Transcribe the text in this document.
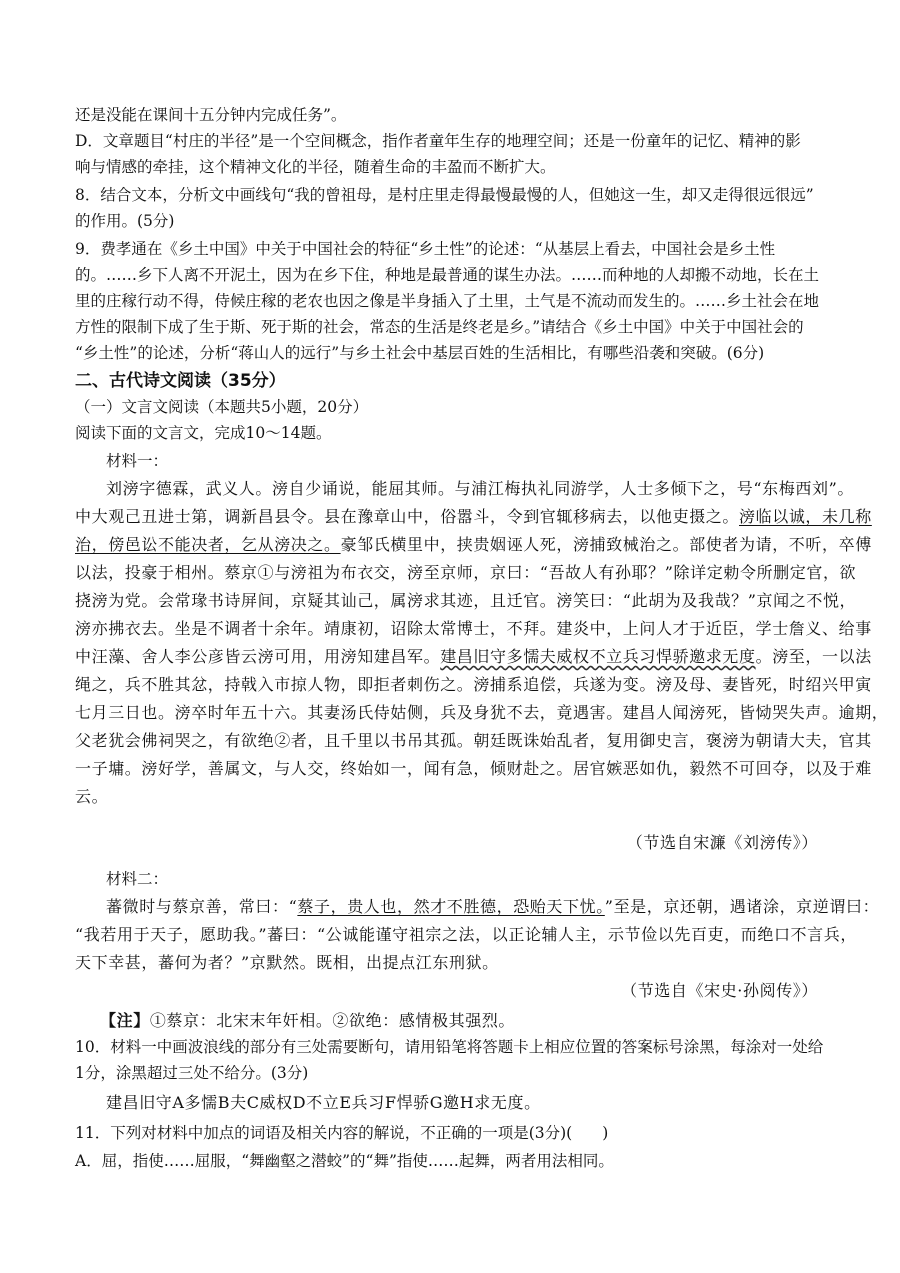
还是没能在课间十五分钟内完成任务”。
D．文章题目“村庄的半径”是一个空间概念，指作者童年生存的地理空间；还是一份童年的记忆、精神的影
响与情感的牵挂，这个精神文化的半径，随着生命的丰盈而不断扩大。
8．结合文本，分析文中画线句“我的曾祖母，是村庄里走得最慢最慢的人，但她这一生，却又走得很远很远”
的作用。(5分)
9．费孝通在《乡土中国》中关于中国社会的特征“乡土性”的论述：“从基层上看去，中国社会是乡土性
的。……乡下人离不开泥土，因为在乡下住，种地是最普通的谋生办法。……而种地的人却搬不动地，长在土
里的庄稼行动不得，侍候庄稼的老农也因之像是半身插入了土里，土气是不流动而发生的。……乡土社会在地
方性的限制下成了生于斯、死于斯的社会，常态的生活是终老是乡。”请结合《乡土中国》中关于中国社会的
“乡土性”的论述，分析“蒋山人的远行”与乡土社会中基层百姓的生活相比，有哪些沿袭和突破。(6分)
二、古代诗文阅读（35分）
（一）文言文阅读（本题共5小题，20分）
阅读下面的文言文，完成10～14题。
材料一：
刘滂字德霖，武义人。滂自少诵说，能屈其师。与浦江梅执礼同游学，人士多倾下之，号“东梅西刘”。
中大观己丑进士第，调新昌县令。县在豫章山中，俗嚣斗，令到官辄移病去，以他吏摄之。滂临以诚，未几称
治，傍邑讼不能决者，乞从滂决之。豪邹氏横里中，挟贵姻诬人死，滂捕致械治之。部使者为请，不听，卒傅
以法，投豪于相州。蔡京①与滂祖为布衣交，滂至京师，京曰：“吾故人有孙耶？”除详定勅令所删定官，欲
挠滂为党。会常瑑书诗屏间，京疑其讪己，属滂求其迹，且迁官。滂笑曰：“此胡为及我哉？”京闻之不悦，
滂亦拂衣去。坐是不调者十余年。靖康初，诏除太常博士，不拜。建炎中，上问人才于近臣，学士詹义、给事
中汪藻、舍人李公彦皆云滂可用，用滂知建昌军。建昌旧守多懦夫威权不立兵习悍骄邀求无度。滂至，一以法
绳之，兵不胜其忿，持戟入市掠人物，即拒者刺伤之。滂捕系追偿，兵遂为变。滂及母、妻皆死，时绍兴甲寅
七月三日也。滂卒时年五十六。其妻汤氏侍姑侧，兵及身犹不去，竟遇害。建昌人闻滂死，皆恸哭失声。逾期，
父老犹会佛祠哭之，有欲绝②者，且千里以书吊其孤。朝廷既诛始乱者，复用御史言，褒滂为朝请大夫，官其
一子墉。滂好学，善属文，与人交，终始如一，闻有急，倾财赴之。居官嫉恶如仇，毅然不可回夺，以及于难
云。
（节选自宋濂《刘滂传》）
材料二：
蕃微时与蔡京善，常曰：“蔡子，贵人也，然才不胜德，恐贻天下忧。”至是，京还朝，遇诸涂，京逆谓曰：
“我若用于天子，愿助我。”蕃曰：“公诚能谨守祖宗之法，以正论辅人主，示节俭以先百吏，而绝口不言兵，
天下幸甚，蕃何为者？”京默然。既相，出提点江东刑狱。
（节选自《宋史·孙阅传》）
【注】①蔡京：北宋末年奸相。②欲绝：感情极其强烈。
10．材料一中画波浪线的部分有三处需要断句，请用铅笔将答题卡上相应位置的答案标号涂黑，每涂对一处给
1分，涂黑超过三处不给分。(3分)
建昌旧守A多懦B夫C威权D不立E兵习F悍骄G邀H求无度。
11．下列对材料中加点的词语及相关内容的解说，不正确的一项是(3分)( )
A．屈，指使……屈服，“舞幽壑之潜蛟”的“舞”指使……起舞，两者用法相同。
